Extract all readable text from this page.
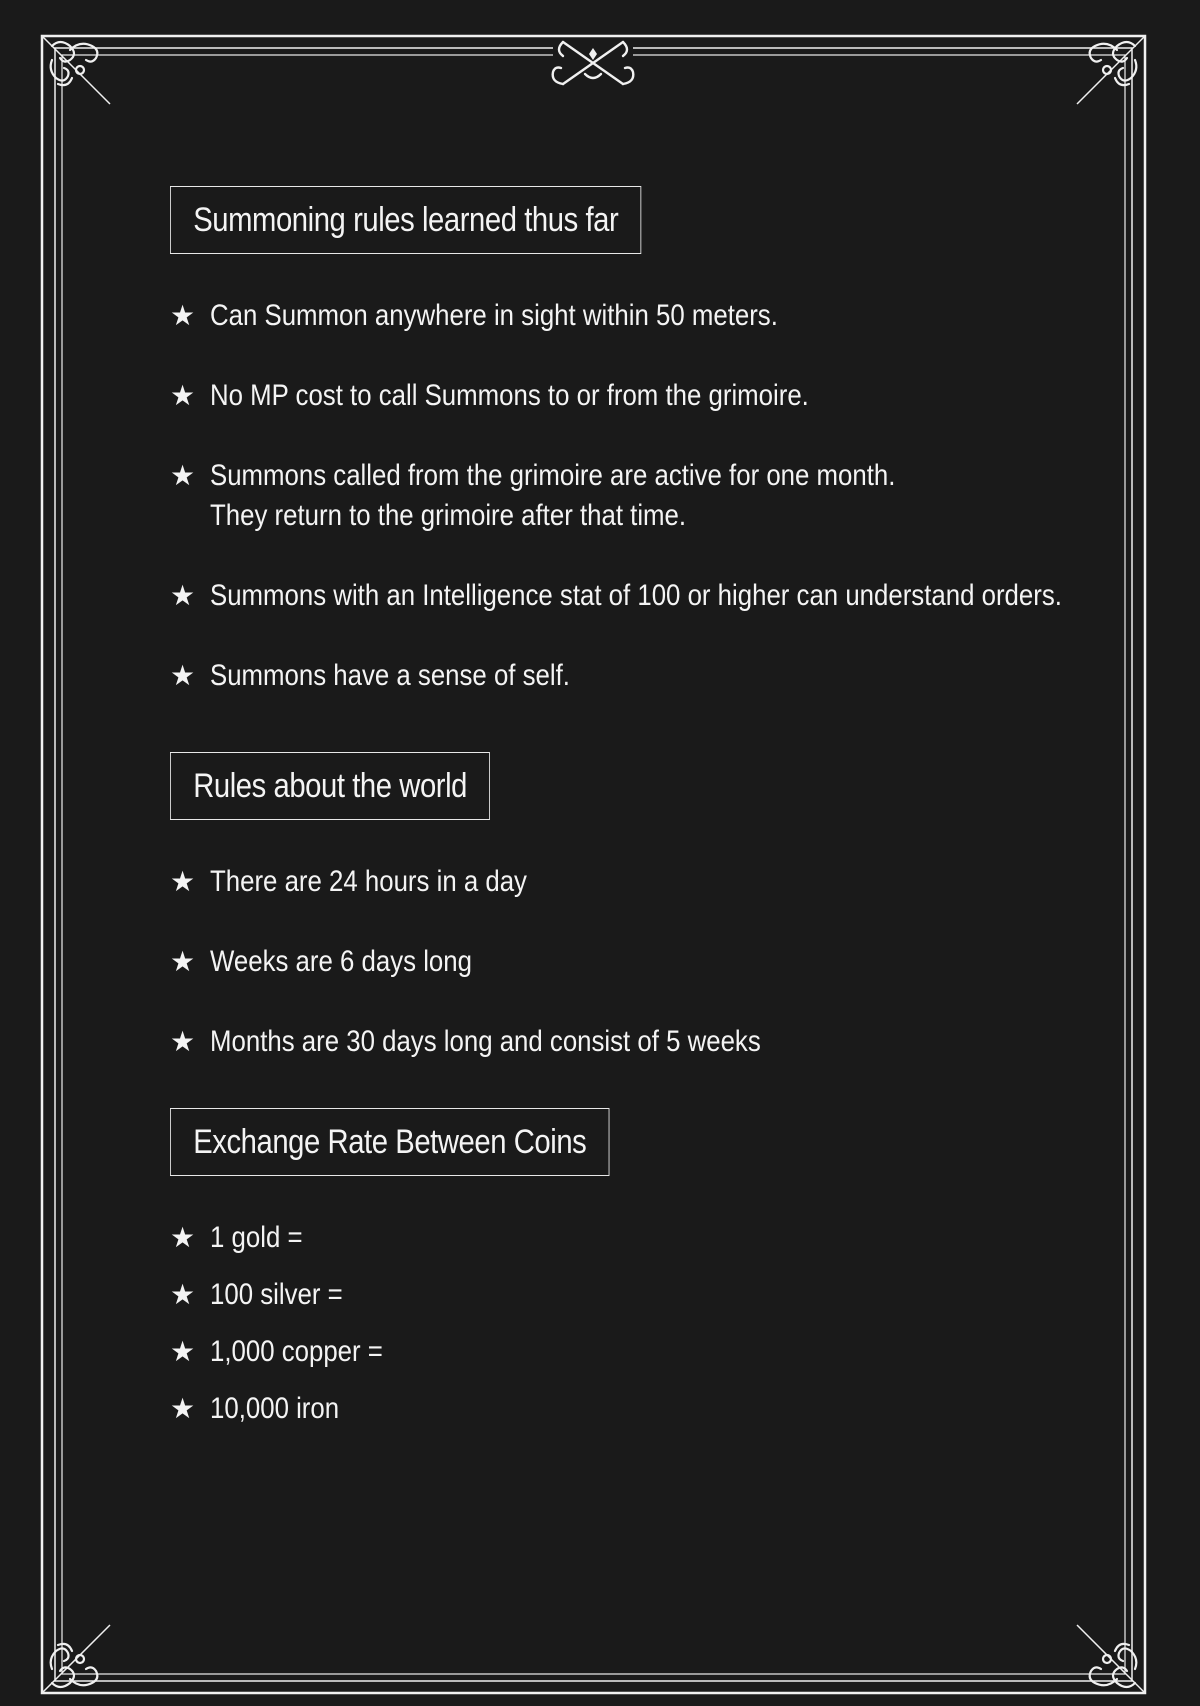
Summoning rules learned thus far
★ Can Summon anywhere in sight within 50 meters.
★ No MP cost to call Summons to or from the grimoire.
★ Summons called from the grimoire are active for one month.
They return to the grimoire after that time.
★ Summons with an Intelligence stat of 100 or higher can understand orders.
★ Summons have a sense of self.
Rules about the world
★ There are 24 hours in a day
★ Weeks are 6 days long
★ Months are 30 days long and consist of 5 weeks
Exchange Rate Between Coins
★ 1 gold =
★ 100 silver =
★ 1,000 copper =
★ 10,000 iron
